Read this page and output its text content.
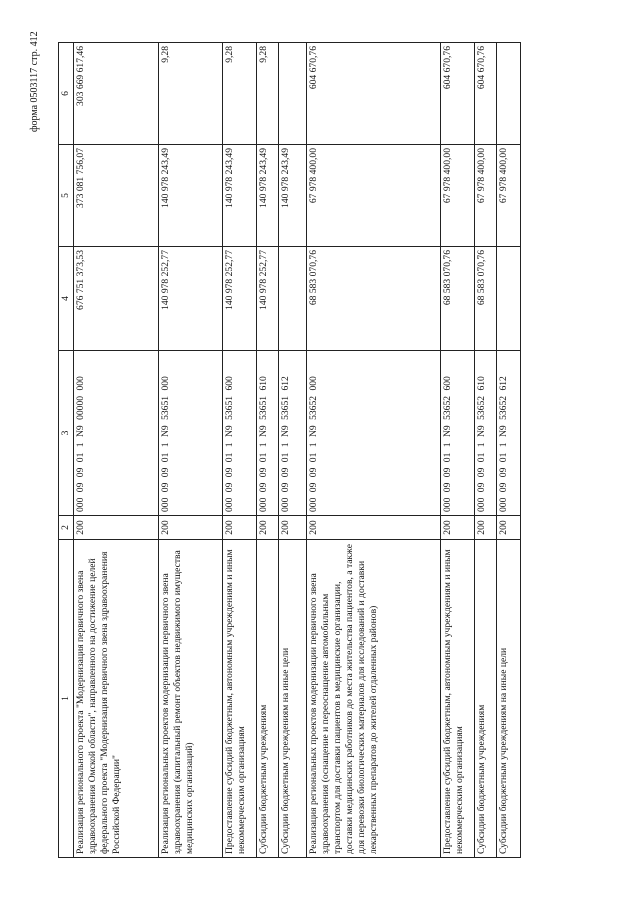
форма 0503117 стр. 412
1	2	3	4	5	6
Реализация регионального проекта "Модернизация первичного звена здравоохранения Омской области", направленного на достижение целей федерального проекта "Модернизация первичного звена здравоохранения Российской Федерации"	200	000 09 09 01 1 N9 00000 000	676 751 373,53	373 081 756,07	303 669 617,46
Реализация региональных проектов модернизации первичного звена здравоохранения (капитальный ремонт объектов недвижимого имущества медицинских организаций)	200	000 09 09 01 1 N9 53651 000	140 978 252,77	140 978 243,49	9,28
Предоставление субсидий бюджетным, автономным учреждениям и иным некоммерческим организациям	200	000 09 09 01 1 N9 53651 600	140 978 252,77	140 978 243,49	9,28
Субсидии бюджетным учреждениям	200	000 09 09 01 1 N9 53651 610	140 978 252,77	140 978 243,49	9,28
Субсидии бюджетным учреждениям на иные цели	200	000 09 09 01 1 N9 53651 612		140 978 243,49	
Реализация региональных проектов модернизации первичного звена здравоохранения (оснащение и переоснащение автомобильным транспортом для доставки пациентов в медицинские организации, доставки медицинских работников до места жительства пациентов, а также для перевозки биологических материалов для исследований и доставки лекарственных препаратов до жителей отдаленных районов)	200	000 09 09 01 1 N9 53652 000	68 583 070,76	67 978 400,00	604 670,76
Предоставление субсидий бюджетным, автономным учреждениям и иным некоммерческим организациям	200	000 09 09 01 1 N9 53652 600	68 583 070,76	67 978 400,00	604 670,76
Субсидии бюджетным учреждениям	200	000 09 09 01 1 N9 53652 610	68 583 070,76	67 978 400,00	604 670,76
Субсидии бюджетным учреждениям на иные цели	200	000 09 09 01 1 N9 53652 612		67 978 400,00	
